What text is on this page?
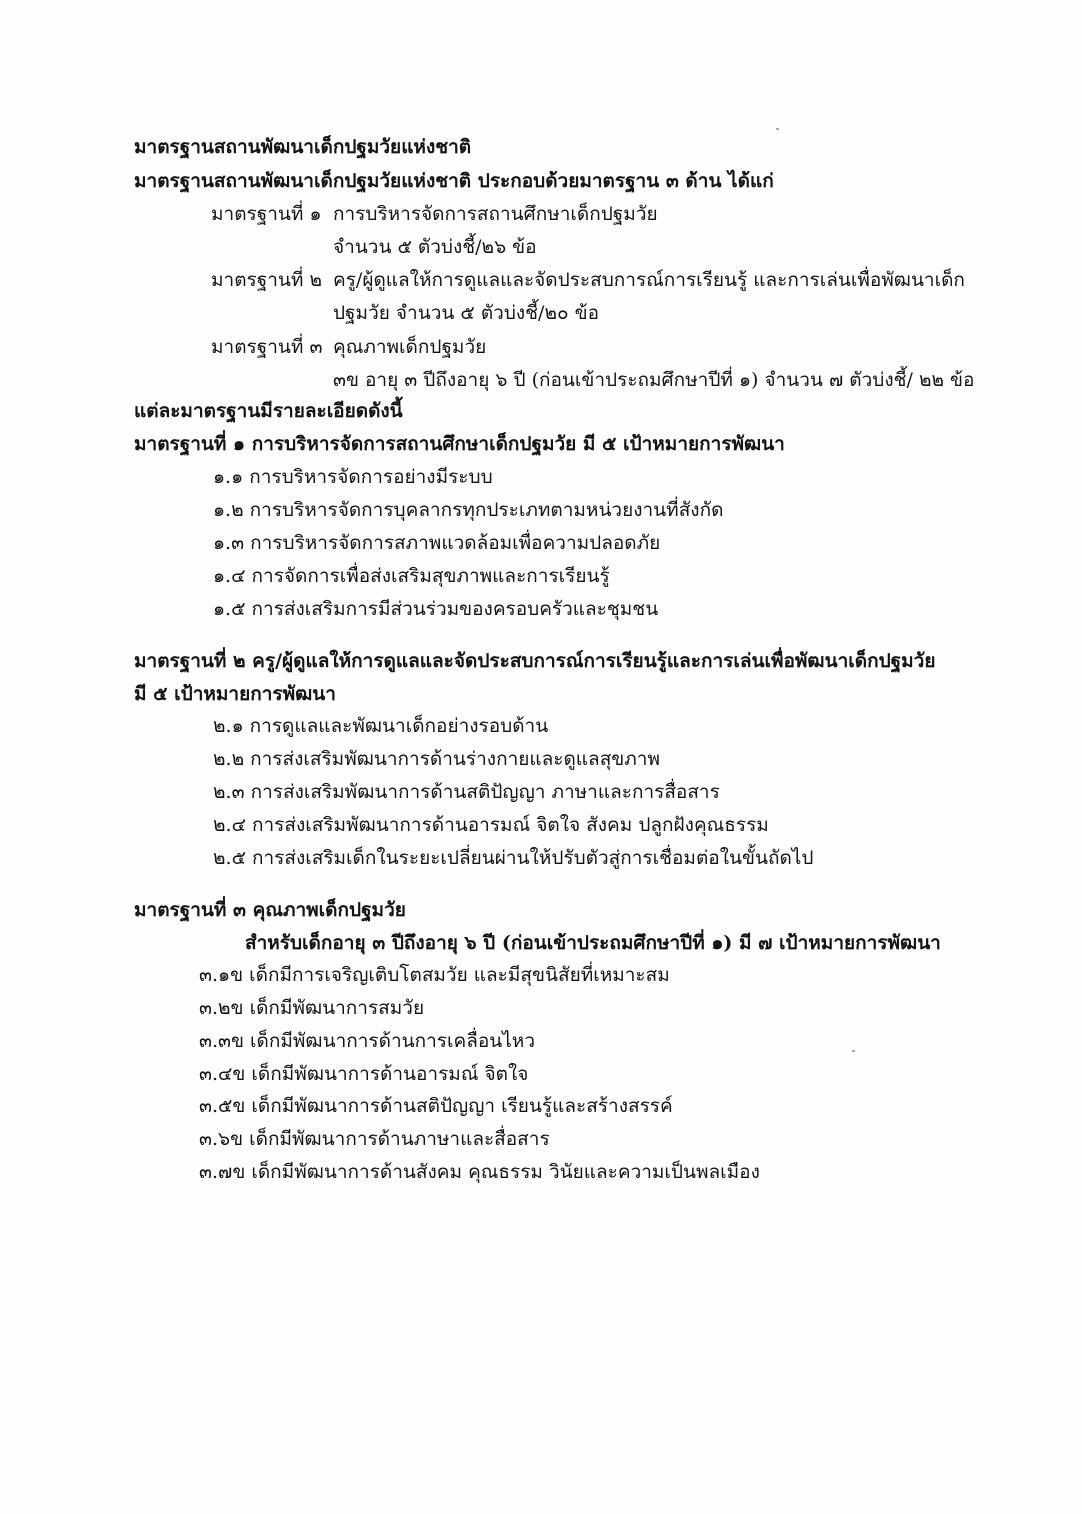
มาตรฐานสถานพัฒนาเด็กปฐมวัยแห่งชาติ
มาตรฐานสถานพัฒนาเด็กปฐมวัยแห่งชาติ ประกอบด้วยมาตรฐาน ๓ ด้าน ได้แก่
มาตรฐานที่ ๑ การบริหารจัดการสถานศึกษาเด็กปฐมวัย
จำนวน ๕ ตัวบ่งชี้/๒๖ ข้อ
มาตรฐานที่ ๒ ครู/ผู้ดูแลให้การดูแลและจัดประสบการณ์การเรียนรู้ และการเล่นเพื่อพัฒนาเด็ก
ปฐมวัย จำนวน ๕ ตัวบ่งชี้/๒๐ ข้อ
มาตรฐานที่ ๓ คุณภาพเด็กปฐมวัย
๓ข อายุ ๓ ปีถึงอายุ ๖ ปี (ก่อนเข้าประถมศึกษาปีที่ ๑) จำนวน ๗ ตัวบ่งชี้/ ๒๒ ข้อ
แต่ละมาตรฐานมีรายละเอียดดังนี้
มาตรฐานที่ ๑ การบริหารจัดการสถานศึกษาเด็กปฐมวัย มี ๕ เป้าหมายการพัฒนา
๑.๑ การบริหารจัดการอย่างมีระบบ
๑.๒ การบริหารจัดการบุคลากรทุกประเภทตามหน่วยงานที่สังกัด
๑.๓ การบริหารจัดการสภาพแวดล้อมเพื่อความปลอดภัย
๑.๔ การจัดการเพื่อส่งเสริมสุขภาพและการเรียนรู้
๑.๕ การส่งเสริมการมีส่วนร่วมของครอบครัวและชุมชน
มาตรฐานที่ ๒ ครู/ผู้ดูแลให้การดูแลและจัดประสบการณ์การเรียนรู้และการเล่นเพื่อพัฒนาเด็กปฐมวัย
มี ๕ เป้าหมายการพัฒนา
๒.๑ การดูแลและพัฒนาเด็กอย่างรอบด้าน
๒.๒ การส่งเสริมพัฒนาการด้านร่างกายและดูแลสุขภาพ
๒.๓ การส่งเสริมพัฒนาการด้านสติปัญญา ภาษาและการสื่อสาร
๒.๔ การส่งเสริมพัฒนาการด้านอารมณ์ จิตใจ สังคม ปลูกฝังคุณธรรม
๒.๕ การส่งเสริมเด็กในระยะเปลี่ยนผ่านให้ปรับตัวสู่การเชื่อมต่อในขั้นถัดไป
มาตรฐานที่ ๓ คุณภาพเด็กปฐมวัย
สำหรับเด็กอายุ ๓ ปีถึงอายุ ๖ ปี (ก่อนเข้าประถมศึกษาปีที่ ๑) มี ๗ เป้าหมายการพัฒนา
๓.๑ข เด็กมีการเจริญเติบโตสมวัย และมีสุขนิสัยที่เหมาะสม
๓.๒ข เด็กมีพัฒนาการสมวัย
๓.๓ข เด็กมีพัฒนาการด้านการเคลื่อนไหว
๓.๔ข เด็กมีพัฒนาการด้านอารมณ์ จิตใจ
๓.๕ข เด็กมีพัฒนาการด้านสติปัญญา เรียนรู้และสร้างสรรค์
๓.๖ข เด็กมีพัฒนาการด้านภาษาและสื่อสาร
๓.๗ข เด็กมีพัฒนาการด้านสังคม คุณธรรม วินัยและความเป็นพลเมือง
